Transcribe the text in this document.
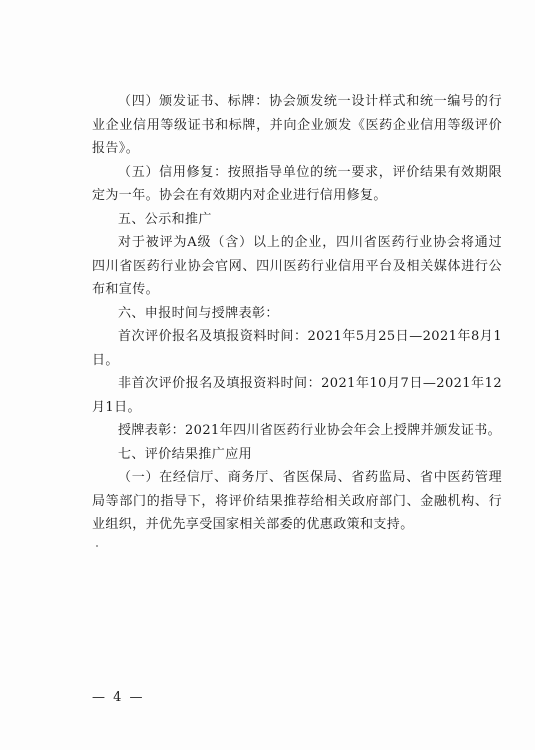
（四）颁发证书、标牌：协会颁发统一设计样式和统一编号的行业企业信用等级证书和标牌，并向企业颁发《医药企业信用等级评价报告》。

（五）信用修复：按照指导单位的统一要求，评价结果有效期限定为一年。协会在有效期内对企业进行信用修复。

五、公示和推广

对于被评为A级（含）以上的企业，四川省医药行业协会将通过四川省医药行业协会官网、四川医药行业信用平台及相关媒体进行公布和宣传。

六、申报时间与授牌表彰：

首次评价报名及填报资料时间：2021年5月25日—2021年8月1日。

非首次评价报名及填报资料时间：2021年10月7日—2021年12月1日。

授牌表彰：2021年四川省医药行业协会年会上授牌并颁发证书。

七、评价结果推广应用

（一）在经信厅、商务厅、省医保局、省药监局、省中医药管理局等部门的指导下，将评价结果推荐给相关政府部门、金融机构、行业组织，并优先享受国家相关部委的优惠政策和支持。

— 4 —
